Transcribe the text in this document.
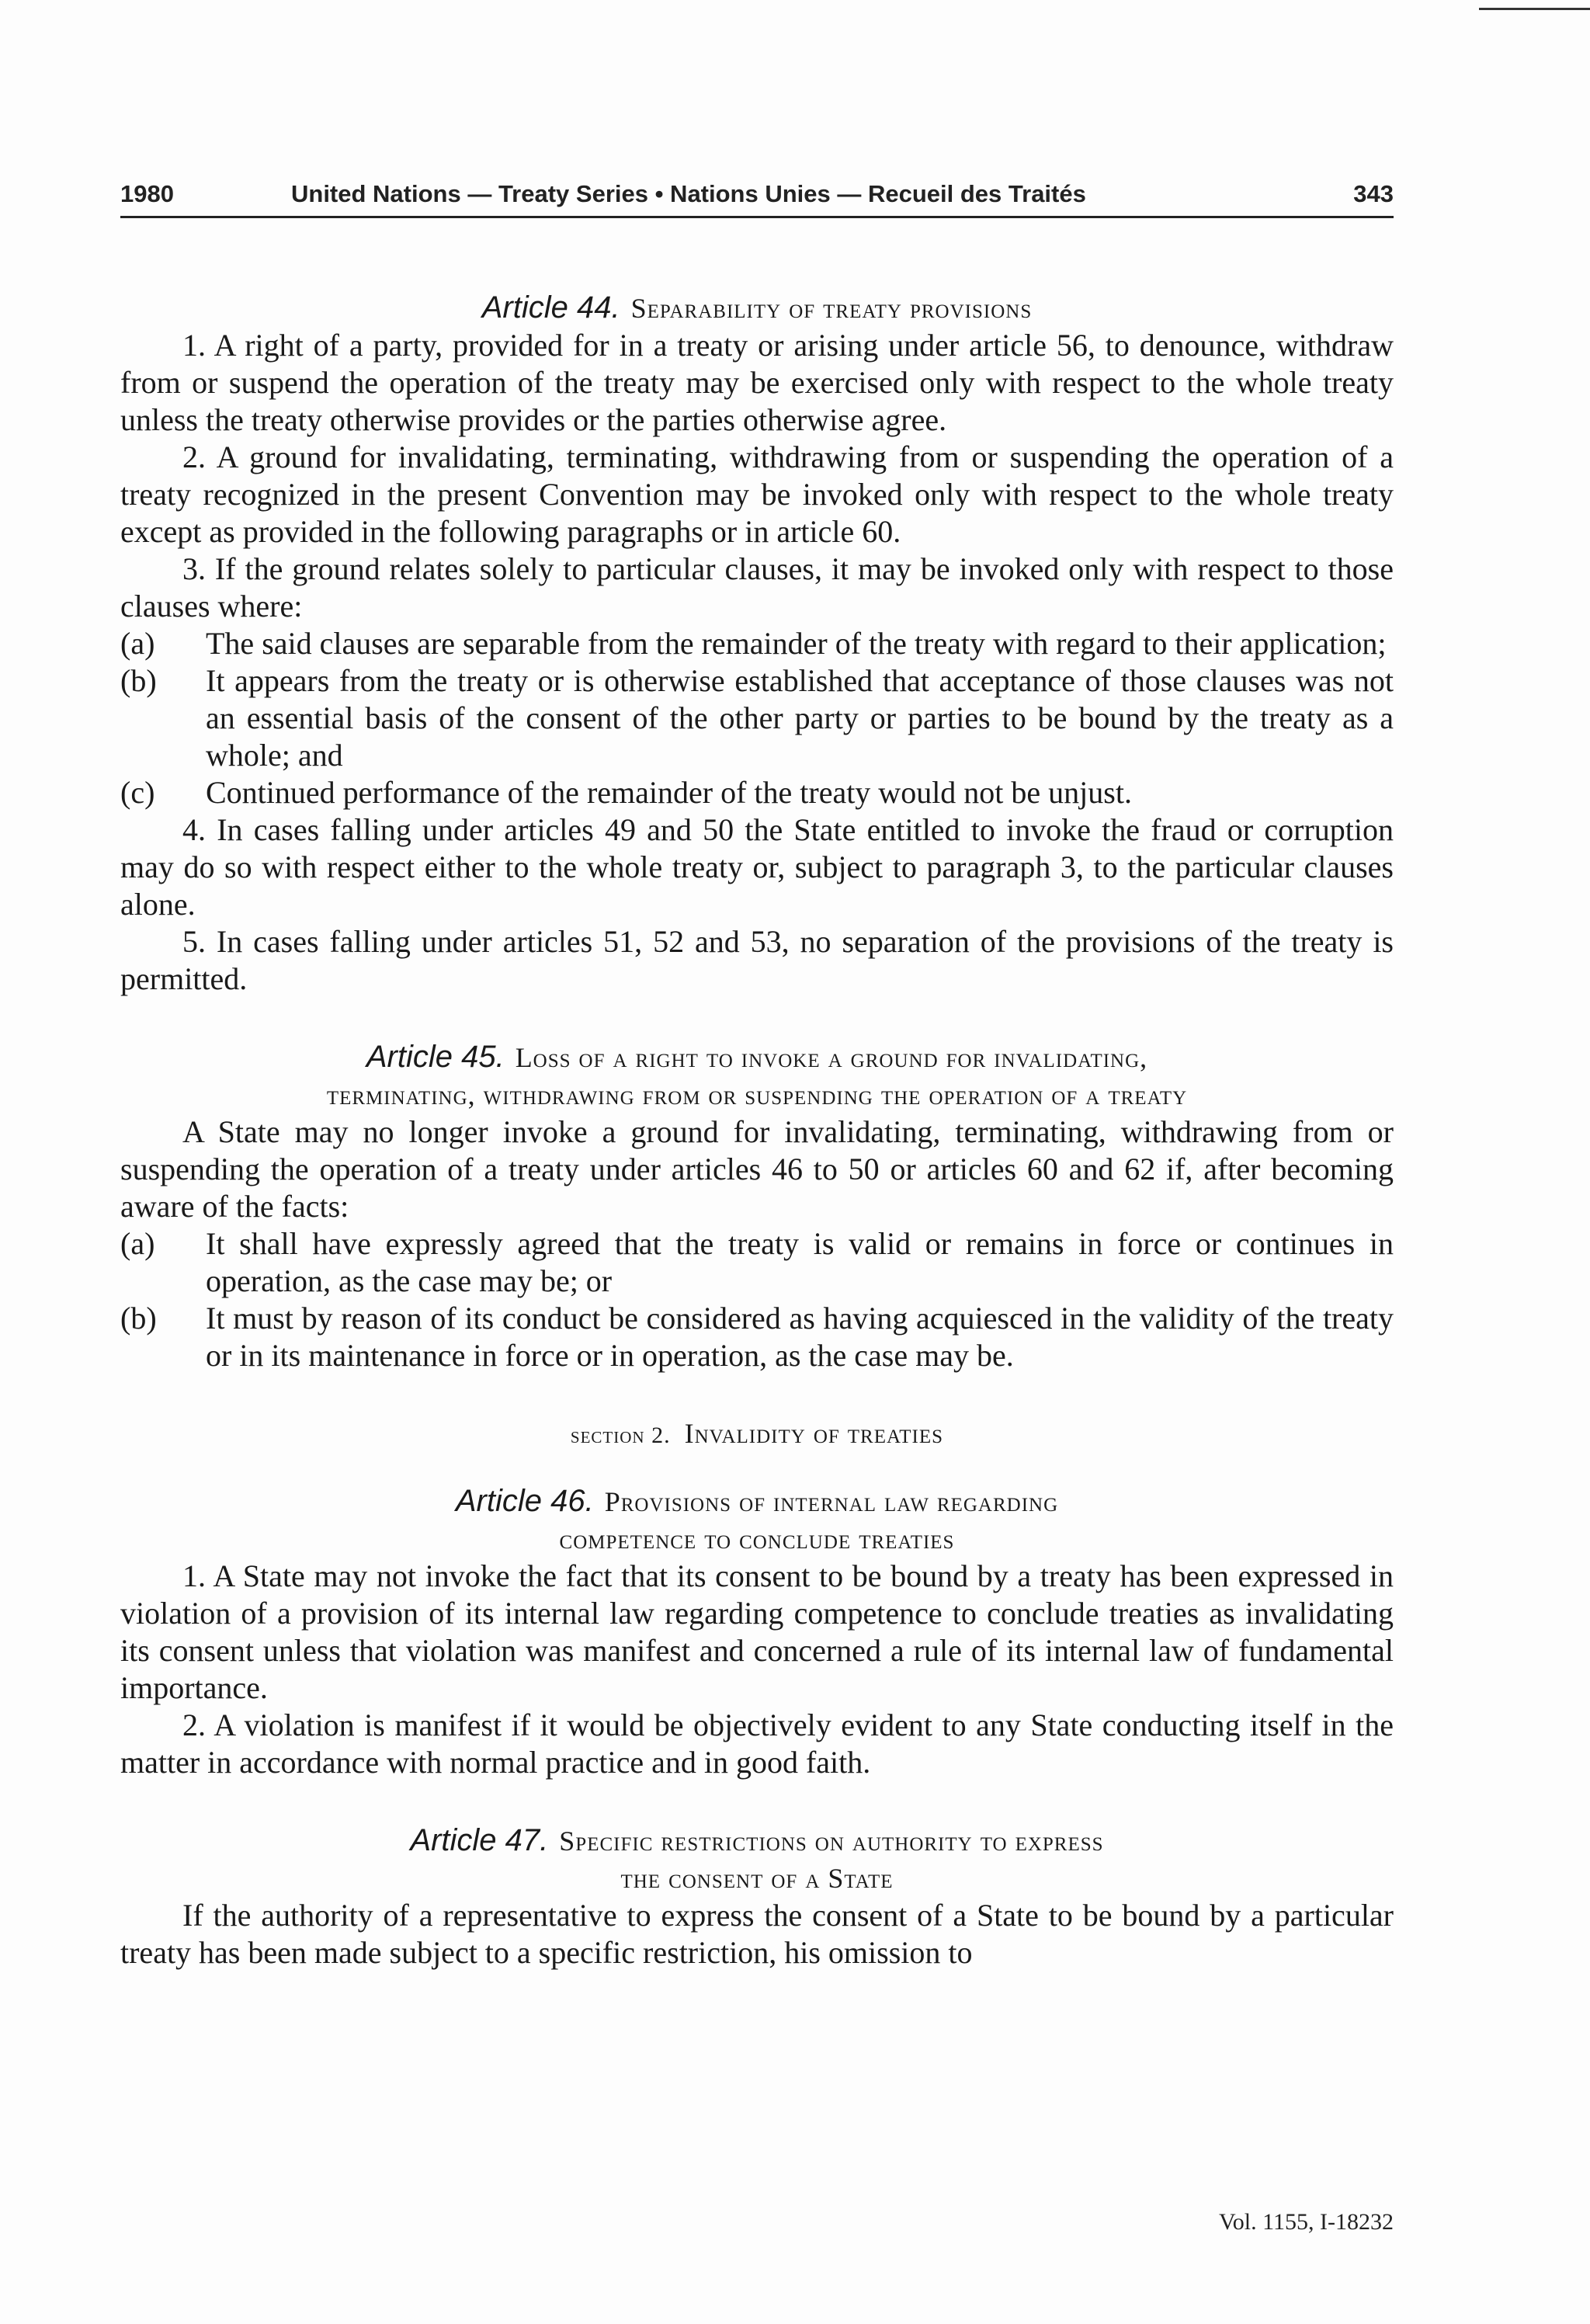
1980	United Nations — Treaty Series • Nations Unies — Recueil des Traités	343
Article 44. Separability of treaty provisions

1. A right of a party, provided for in a treaty or arising under article 56, to denounce, withdraw from or suspend the operation of the treaty may be exercised only with respect to the whole treaty unless the treaty otherwise provides or the parties otherwise agree.

2. A ground for invalidating, terminating, withdrawing from or suspending the operation of a treaty recognized in the present Convention may be invoked only with respect to the whole treaty except as provided in the following paragraphs or in article 60.

3. If the ground relates solely to particular clauses, it may be invoked only with respect to those clauses where:

(a) The said clauses are separable from the remainder of the treaty with regard to their application;
(b) It appears from the treaty or is otherwise established that acceptance of those clauses was not an essential basis of the consent of the other party or parties to be bound by the treaty as a whole; and
(c) Continued performance of the remainder of the treaty would not be unjust.

4. In cases falling under articles 49 and 50 the State entitled to invoke the fraud or corruption may do so with respect either to the whole treaty or, subject to paragraph 3, to the particular clauses alone.

5. In cases falling under articles 51, 52 and 53, no separation of the provisions of the treaty is permitted.

Article 45. Loss of a right to invoke a ground for invalidating,
terminating, withdrawing from or suspending the operation of a treaty

A State may no longer invoke a ground for invalidating, terminating, withdrawing from or suspending the operation of a treaty under articles 46 to 50 or articles 60 and 62 if, after becoming aware of the facts:

(a) It shall have expressly agreed that the treaty is valid or remains in force or continues in operation, as the case may be; or
(b) It must by reason of its conduct be considered as having acquiesced in the validity of the treaty or in its maintenance in force or in operation, as the case may be.
section 2. Invalidity of treaties
Article 46. Provisions of internal law regarding
competence to conclude treaties

1. A State may not invoke the fact that its consent to be bound by a treaty has been expressed in violation of a provision of its internal law regarding competence to conclude treaties as invalidating its consent unless that violation was manifest and concerned a rule of its internal law of fundamental importance.

2. A violation is manifest if it would be objectively evident to any State conducting itself in the matter in accordance with normal practice and in good faith.

Article 47. Specific restrictions on authority to express
the consent of a State

If the authority of a representative to express the consent of a State to be bound by a particular treaty has been made subject to a specific restriction, his omission to

Vol. 1155, I-18232
